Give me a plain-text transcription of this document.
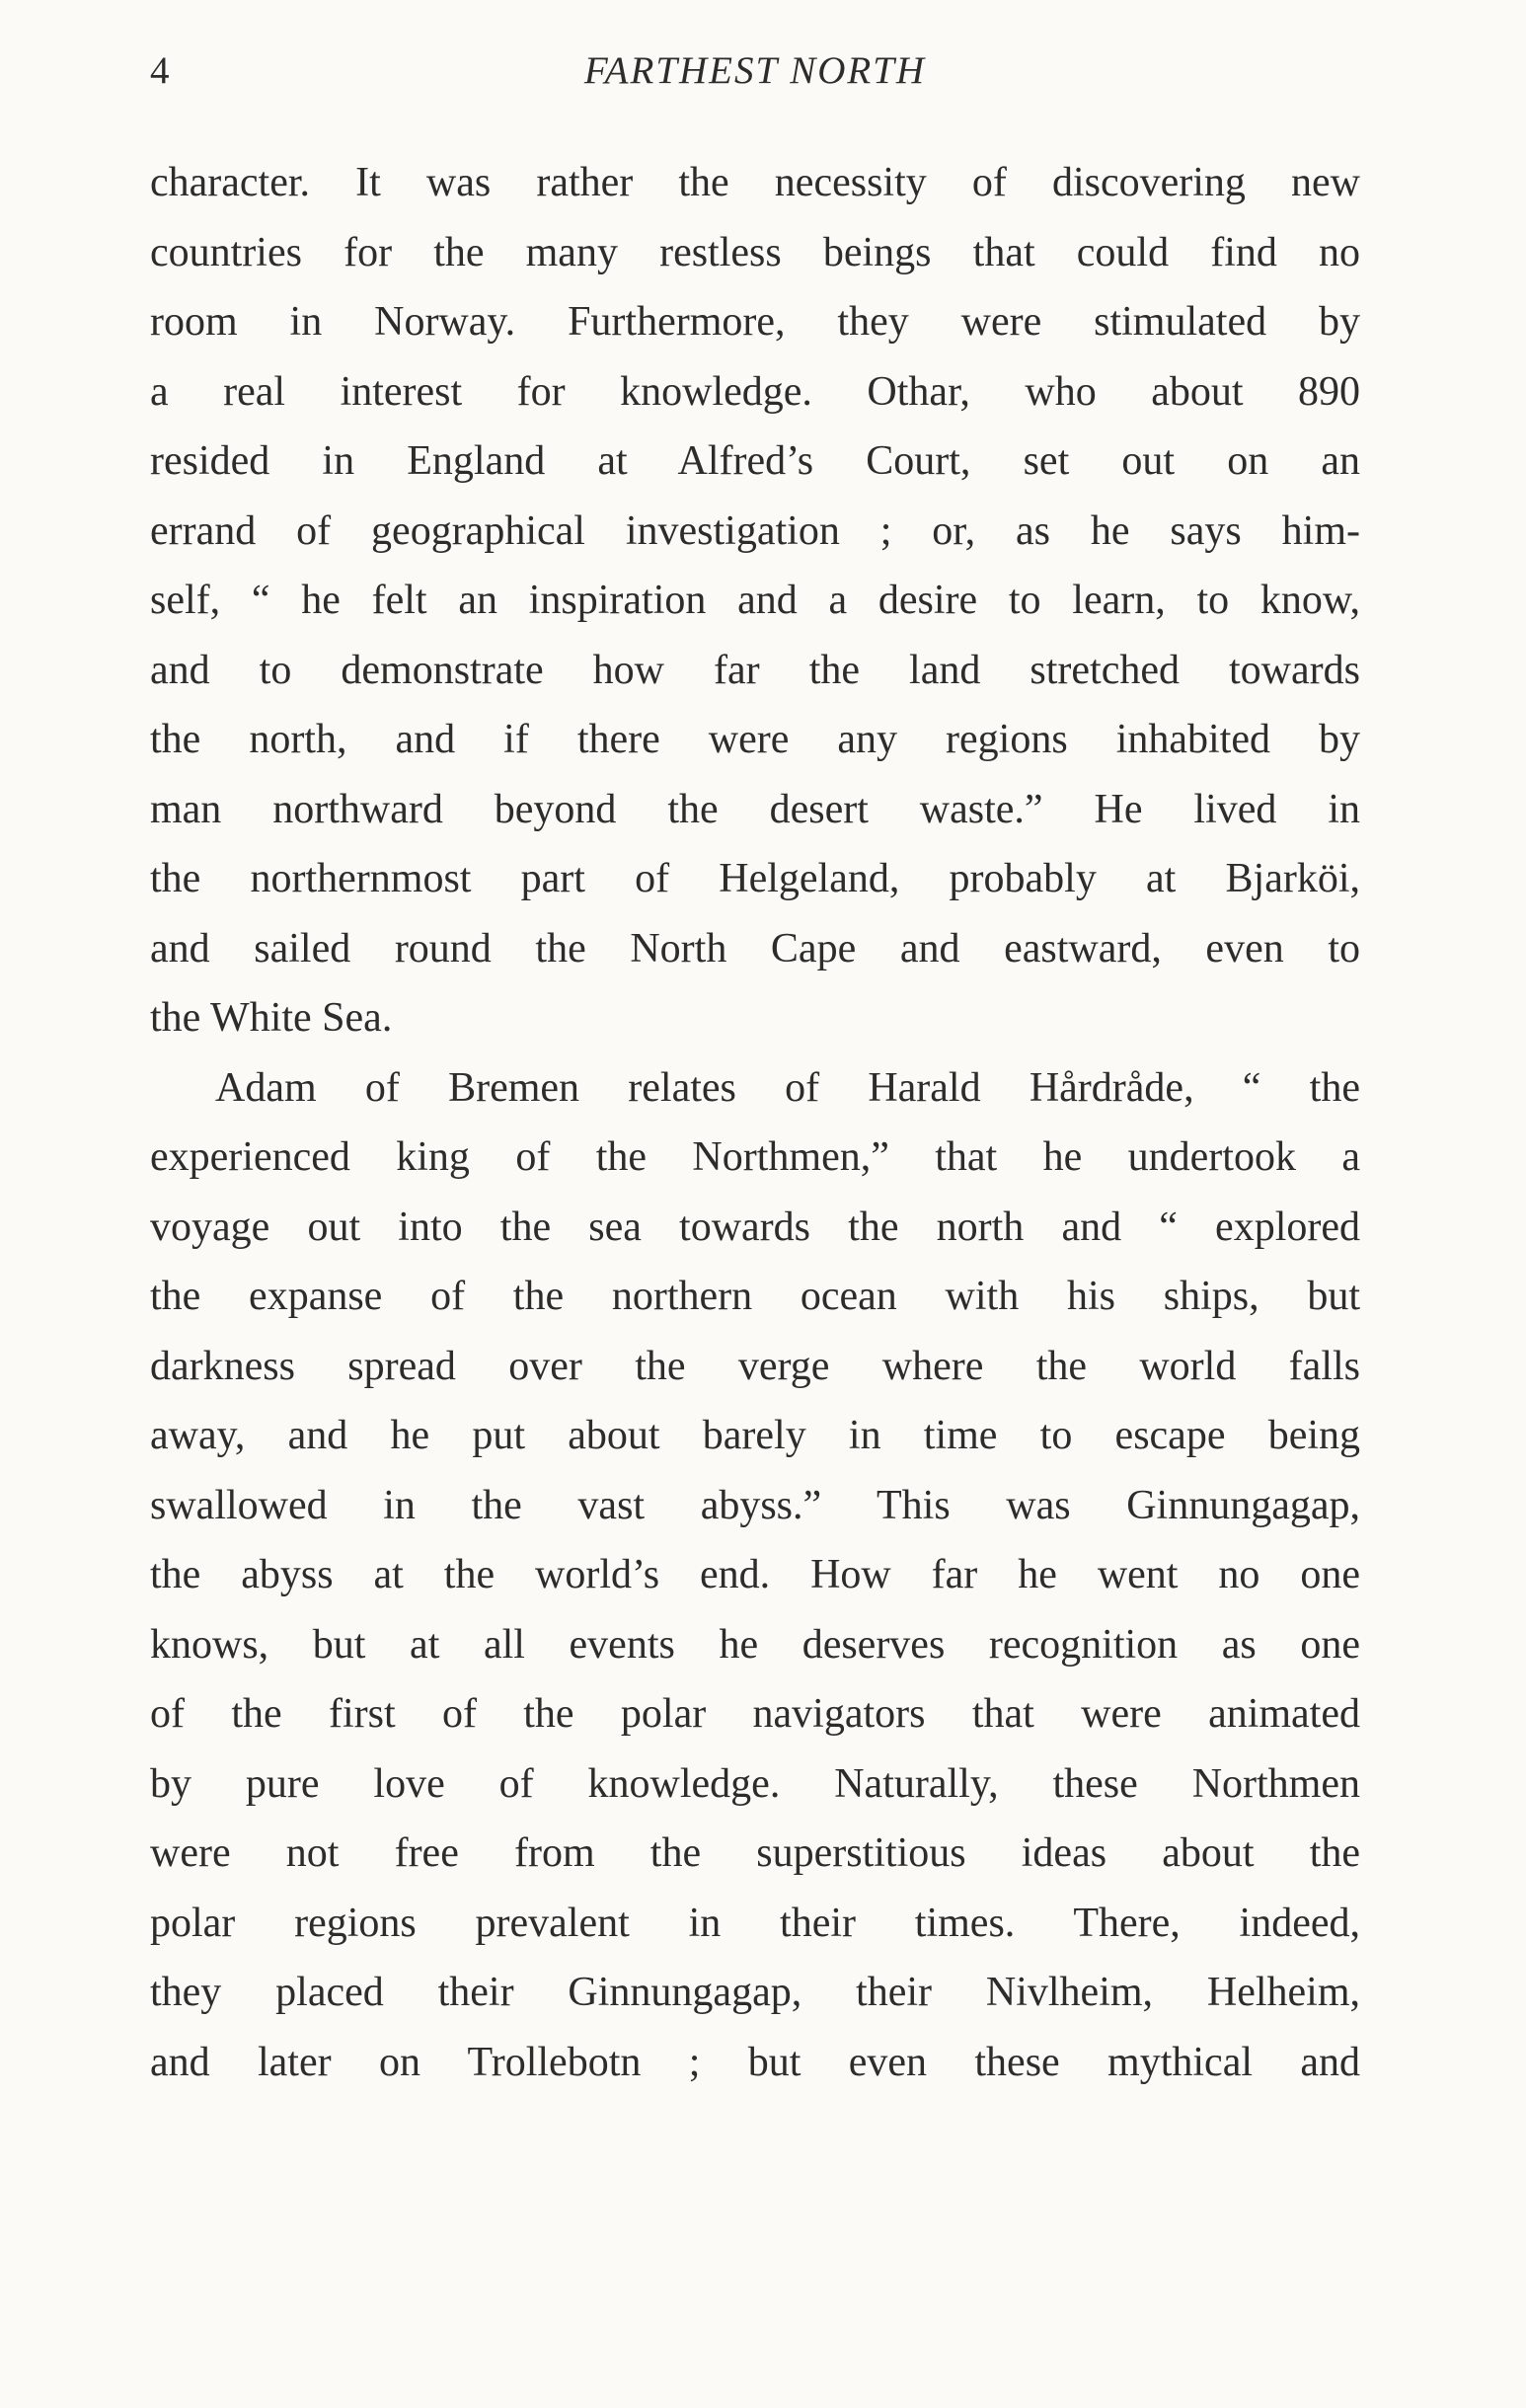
4	FARTHEST NORTH
character. It was rather the necessity of discovering new
countries for the many restless beings that could find no
room in Norway. Furthermore, they were stimulated by
a real interest for knowledge. Othar, who about 890
resided in England at Alfred’s Court, set out on an
errand of geographical investigation ; or, as he says him-
self, “ he felt an inspiration and a desire to learn, to know,
and to demonstrate how far the land stretched towards
the north, and if there were any regions inhabited by
man northward beyond the desert waste.” He lived in
the northernmost part of Helgeland, probably at Bjarköi,
and sailed round the North Cape and eastward, even to
the White Sea.
Adam of Bremen relates of Harald Hårdråde, “ the
experienced king of the Northmen,” that he undertook a
voyage out into the sea towards the north and “ explored
the expanse of the northern ocean with his ships, but
darkness spread over the verge where the world falls
away, and he put about barely in time to escape being
swallowed in the vast abyss.” This was Ginnungagap,
the abyss at the world’s end. How far he went no one
knows, but at all events he deserves recognition as one
of the first of the polar navigators that were animated
by pure love of knowledge. Naturally, these Northmen
were not free from the superstitious ideas about the
polar regions prevalent in their times. There, indeed,
they placed their Ginnungagap, their Nivlheim, Helheim,
and later on Trollebotn ; but even these mythical and
